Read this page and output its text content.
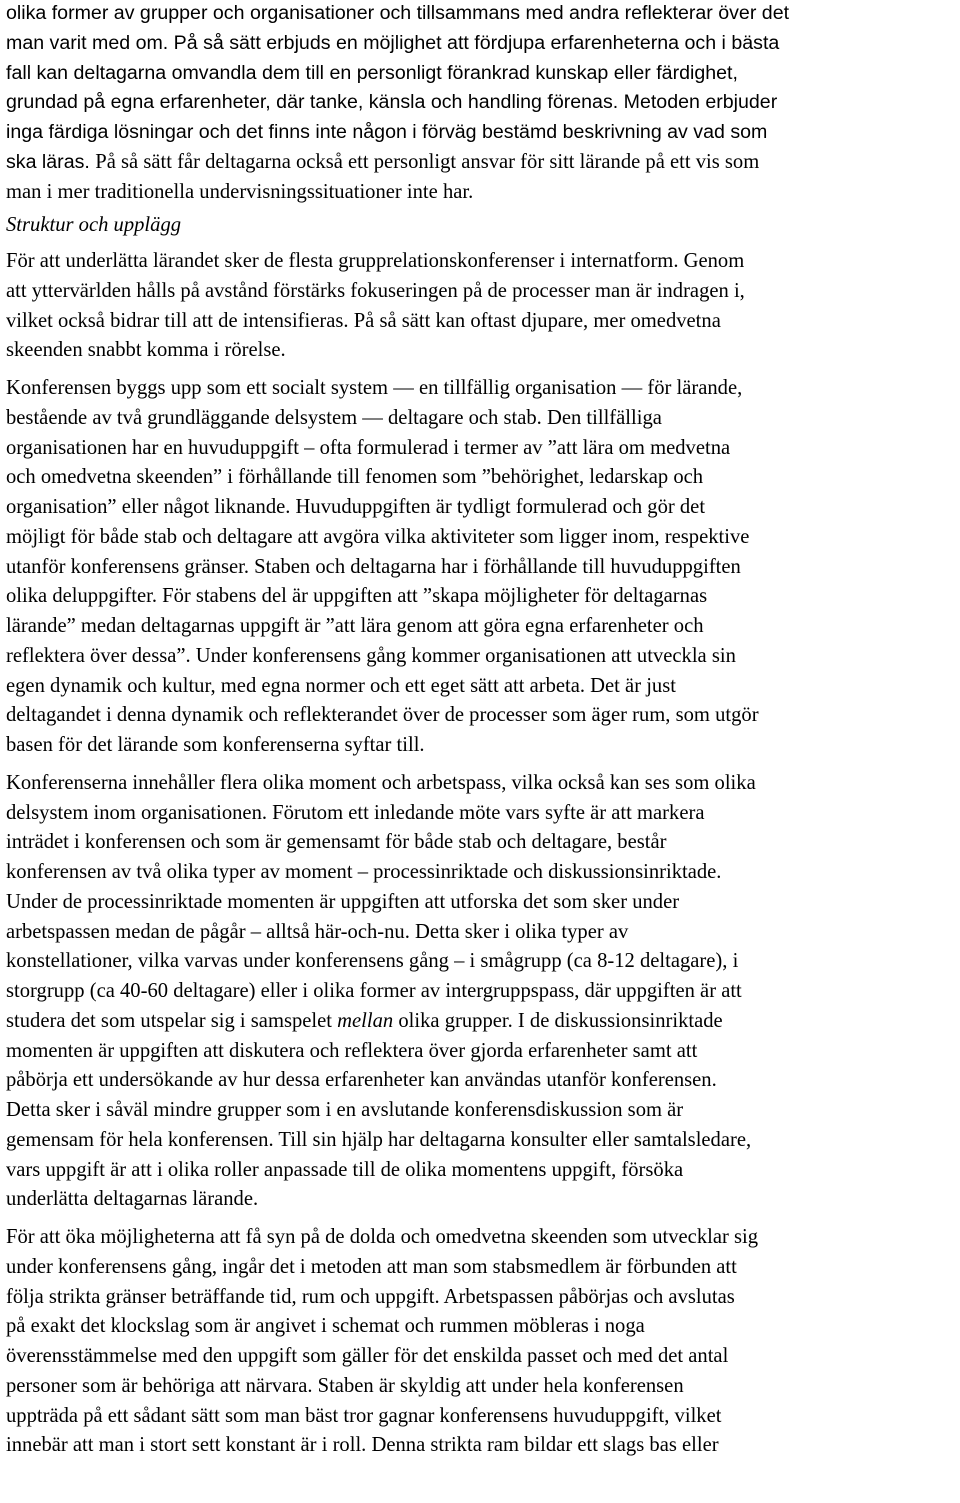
olika former av grupper och organisationer och tillsammans med andra reflekterar över det
man varit med om. På så sätt erbjuds en möjlighet att fördjupa erfarenheterna och i bästa
fall kan deltagarna omvandla dem till en personligt förankrad kunskap eller färdighet,
grundad på egna erfarenheter, där tanke, känsla och handling förenas. Metoden erbjuder
inga färdiga lösningar och det finns inte någon i förväg bestämd beskrivning av vad som
ska läras. På så sätt får deltagarna också ett personligt ansvar för sitt lärande på ett vis som
man i mer traditionella undervisningssituationer inte har.
Struktur och upplägg
För att underlätta lärandet sker de flesta grupprelationskonferenser i internatform. Genom
att yttervärlden hålls på avstånd förstärks fokuseringen på de processer man är indragen i,
vilket också bidrar till att de intensifieras. På så sätt kan oftast djupare, mer omedvetna
skeenden snabbt komma i rörelse.
Konferensen byggs upp som ett socialt system — en tillfällig organisation — för lärande,
bestående av två grundläggande delsystem — deltagare och stab. Den tillfälliga
organisationen har en huvuduppgift – ofta formulerad i termer av ”att lära om medvetna
och omedvetna skeenden” i förhållande till fenomen som ”behörighet, ledarskap och
organisation” eller något liknande. Huvuduppgiften är tydligt formulerad och gör det
möjligt för både stab och deltagare att avgöra vilka aktiviteter som ligger inom, respektive
utanför konferensens gränser. Staben och deltagarna har i förhållande till huvuduppgiften
olika deluppgifter. För stabens del är uppgiften att ”skapa möjligheter för deltagarnas
lärande” medan deltagarnas uppgift är ”att lära genom att göra egna erfarenheter och
reflektera över dessa”. Under konferensens gång kommer organisationen att utveckla sin
egen dynamik och kultur, med egna normer och ett eget sätt att arbeta. Det är just
deltagandet i denna dynamik och reflekterandet över de processer som äger rum, som utgör
basen för det lärande som konferenserna syftar till.
Konferenserna innehåller flera olika moment och arbetspass, vilka också kan ses som olika
delsystem inom organisationen. Förutom ett inledande möte vars syfte är att markera
inträdet i konferensen och som är gemensamt för både stab och deltagare, består
konferensen av två olika typer av moment – processinriktade och diskussionsinriktade.
Under de processinriktade momenten är uppgiften att utforska det som sker under
arbetspassen medan de pågår – alltså här-och-nu. Detta sker i olika typer av
konstellationer, vilka varvas under konferensens gång – i smågrupp (ca 8-12 deltagare), i
storgrupp (ca 40-60 deltagare) eller i olika former av intergruppspass, där uppgiften är att
studera det som utspelar sig i samspelet mellan olika grupper. I de diskussionsinriktade
momenten är uppgiften att diskutera och reflektera över gjorda erfarenheter samt att
påbörja ett undersökande av hur dessa erfarenheter kan användas utanför konferensen.
Detta sker i såväl mindre grupper som i en avslutande konferensdiskussion som är
gemensam för hela konferensen. Till sin hjälp har deltagarna konsulter eller samtalsledare,
vars uppgift är att i olika roller anpassade till de olika momentens uppgift, försöka
underlätta deltagarnas lärande.
För att öka möjligheterna att få syn på de dolda och omedvetna skeenden som utvecklar sig
under konferensens gång, ingår det i metoden att man som stabsmedlem är förbunden att
följa strikta gränser beträffande tid, rum och uppgift. Arbetspassen påbörjas och avslutas
på exakt det klockslag som är angivet i schemat och rummen möbleras i noga
överensstämmelse med den uppgift som gäller för det enskilda passet och med det antal
personer som är behöriga att närvara. Staben är skyldig att under hela konferensen
uppträda på ett sådant sätt som man bäst tror gagnar konferensens huvuduppgift, vilket
innebär att man i stort sett konstant är i roll. Denna strikta ram bildar ett slags bas eller
